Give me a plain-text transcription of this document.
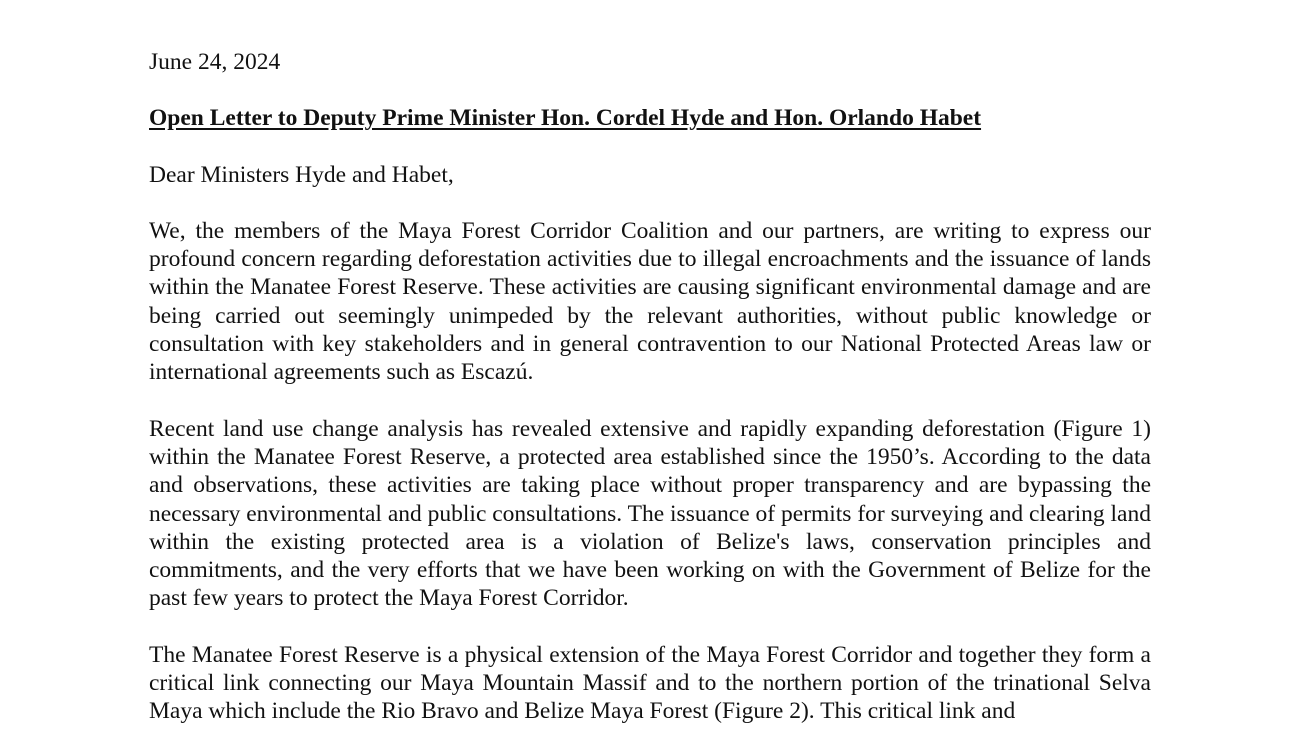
June 24, 2024

Open Letter to Deputy Prime Minister Hon. Cordel Hyde and Hon. Orlando Habet

Dear Ministers Hyde and Habet,

We, the members of the Maya Forest Corridor Coalition and our partners, are writing to express our profound concern regarding deforestation activities due to illegal encroachments and the issuance of lands within the Manatee Forest Reserve. These activities are causing significant environmental damage and are being carried out seemingly unimpeded by the relevant authorities, without public knowledge or consultation with key stakeholders and in general contravention to our National Protected Areas law or international agreements such as Escazú.

Recent land use change analysis has revealed extensive and rapidly expanding deforestation (Figure 1) within the Manatee Forest Reserve, a protected area established since the 1950’s. According to the data and observations, these activities are taking place without proper transparency and are bypassing the necessary environmental and public consultations. The issuance of permits for surveying and clearing land within the existing protected area is a violation of Belize's laws, conservation principles and commitments, and the very efforts that we have been working on with the Government of Belize for the past few years to protect the Maya Forest Corridor.

The Manatee Forest Reserve is a physical extension of the Maya Forest Corridor and together they form a critical link connecting our Maya Mountain Massif and to the northern portion of the trinational Selva Maya which include the Rio Bravo and Belize Maya Forest (Figure 2). This critical link and
